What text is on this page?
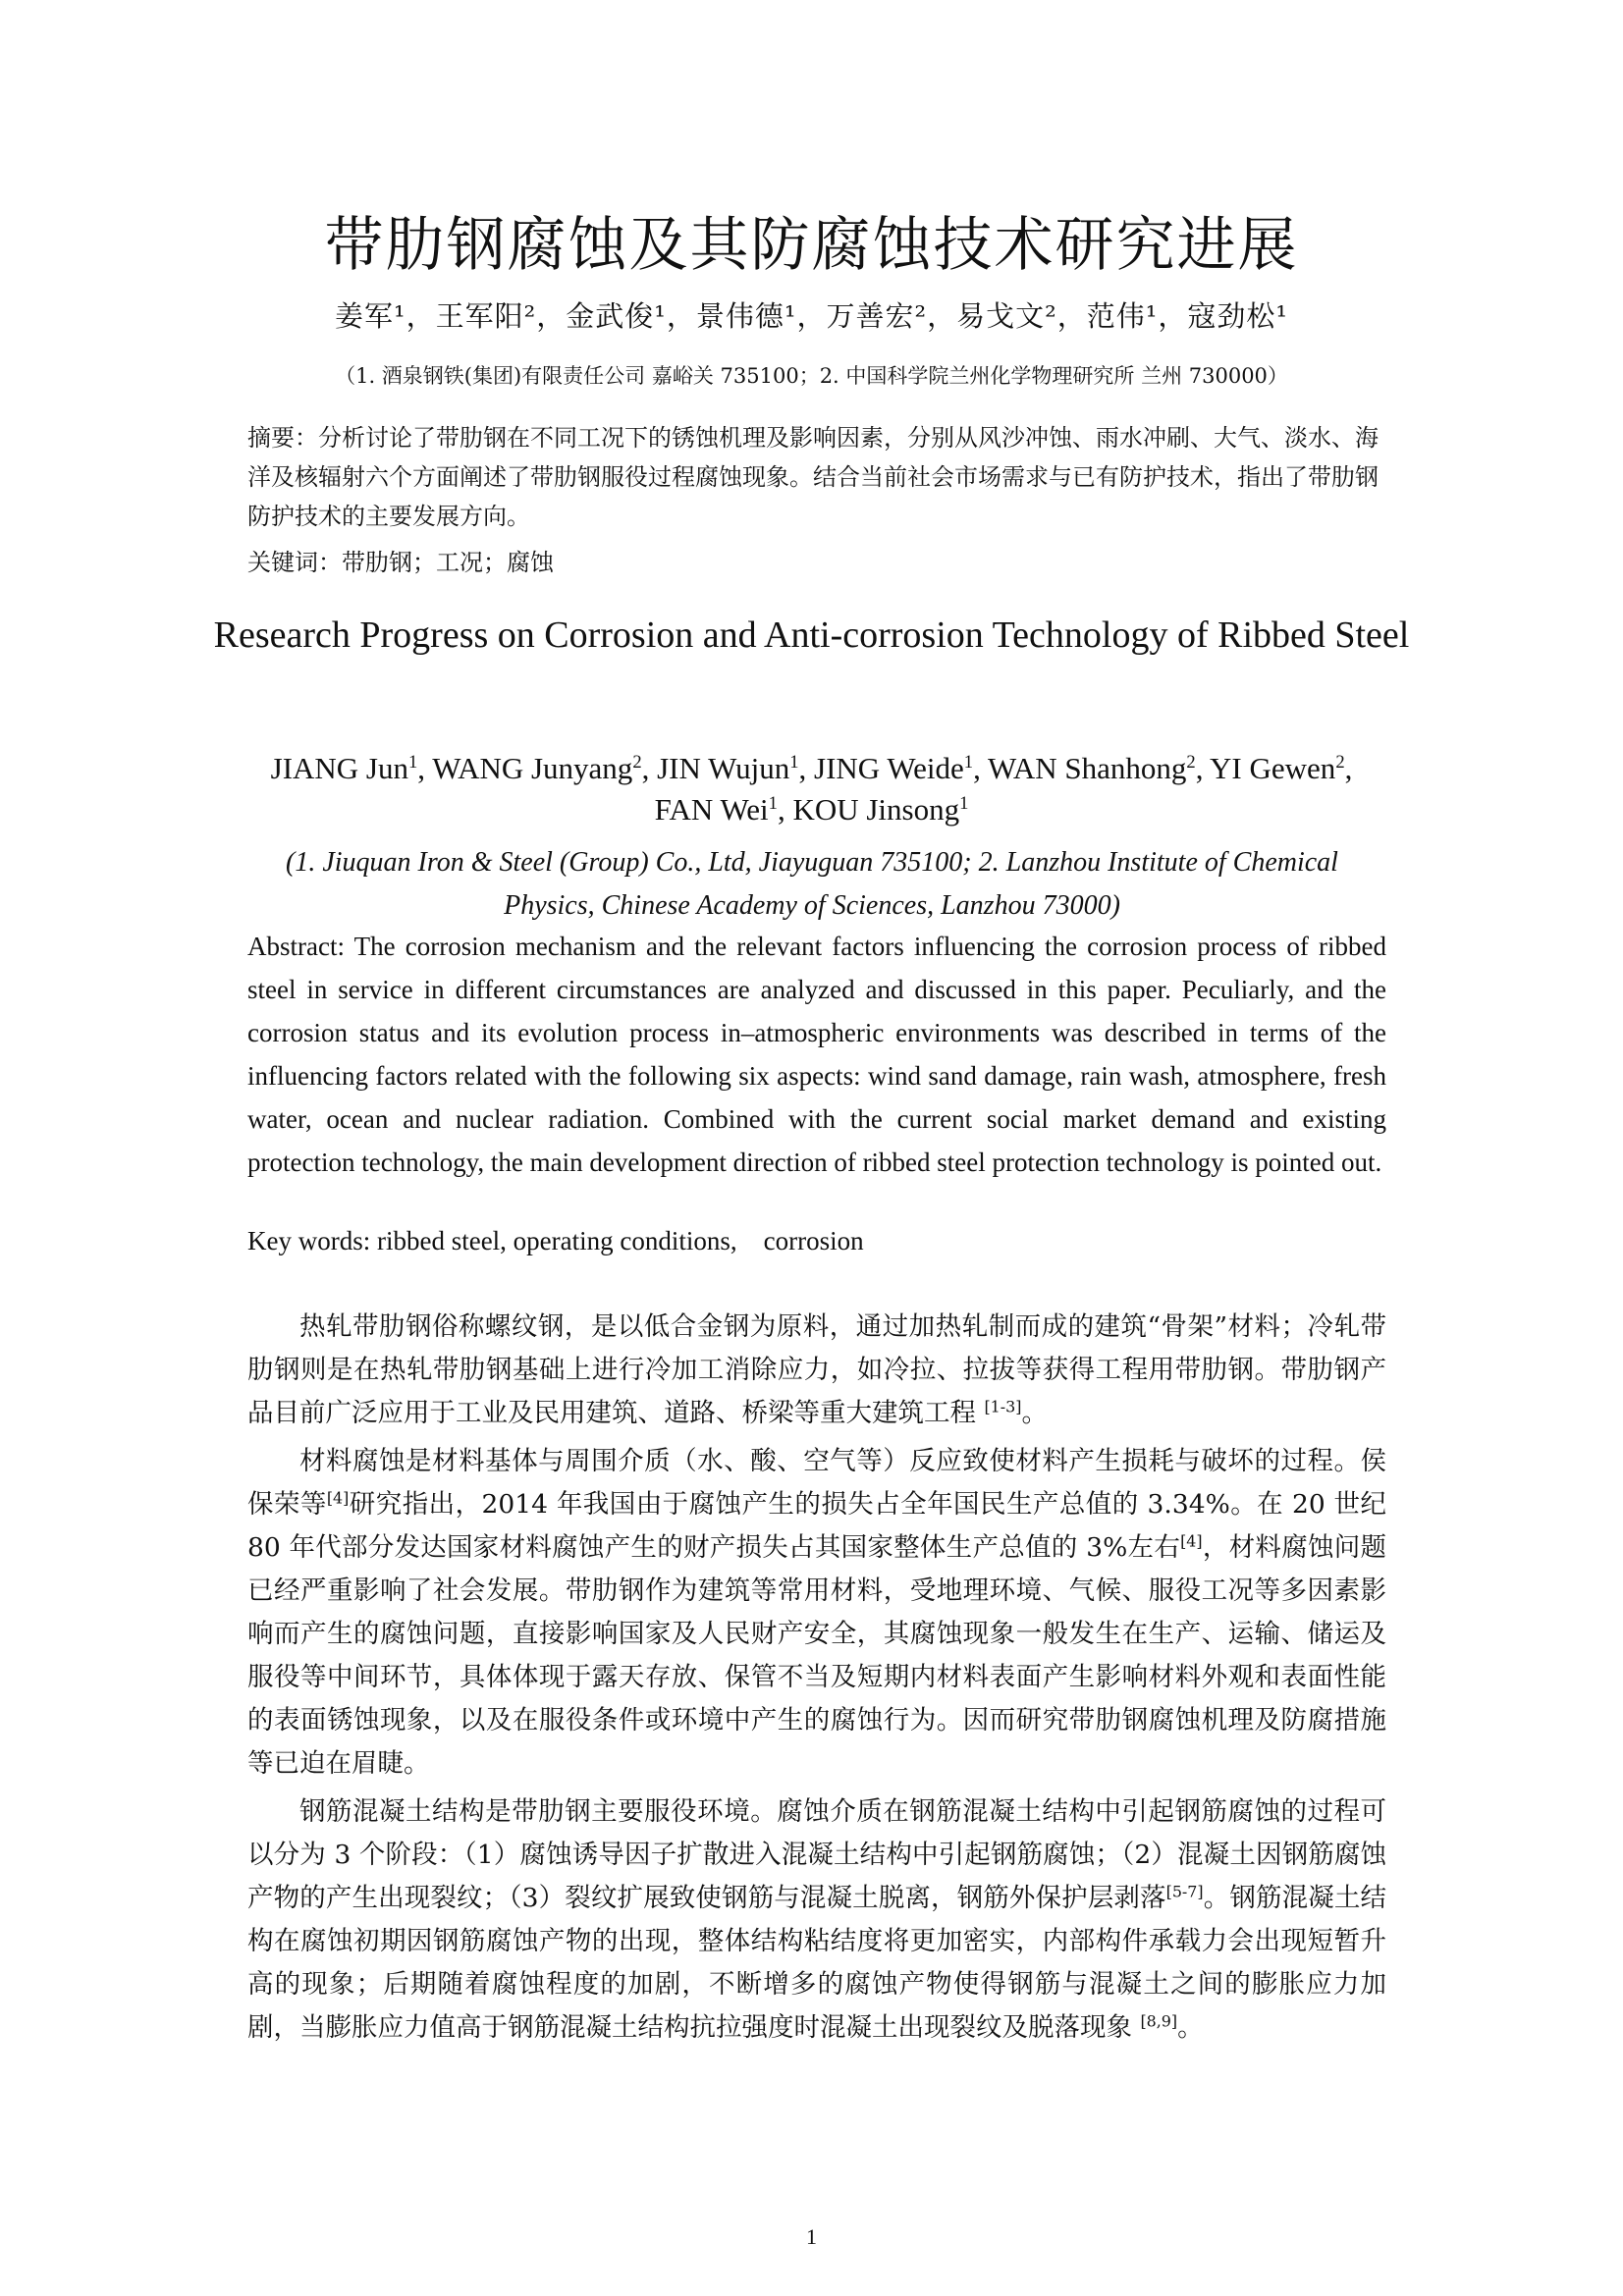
带肋钢腐蚀及其防腐蚀技术研究进展
姜军¹，王军阳²，金武俊¹，景伟德¹，万善宏²，易戈文²，范伟¹，寇劲松¹
（1. 酒泉钢铁(集团)有限责任公司 嘉峪关 735100；2. 中国科学院兰州化学物理研究所 兰州 730000）
摘要：分析讨论了带肋钢在不同工况下的锈蚀机理及影响因素，分别从风沙冲蚀、雨水冲刷、大气、淡水、海洋及核辐射六个方面阐述了带肋钢服役过程腐蚀现象。结合当前社会市场需求与已有防护技术，指出了带肋钢防护技术的主要发展方向。
关键词：带肋钢；工况；腐蚀
Research Progress on Corrosion and Anti-corrosion Technology of Ribbed Steel
JIANG Jun$^1$, WANG Junyang$^2$, JIN Wujun$^1$, JING Weide$^1$, WAN Shanhong$^2$, YI Gewen$^2$, FAN Wei$^1$, KOU Jinsong$^1$
(1. Jiuquan Iron & Steel (Group) Co., Ltd, Jiayuguan 735100; 2. Lanzhou Institute of Chemical Physics, Chinese Academy of Sciences, Lanzhou 73000)
Abstract: The corrosion mechanism and the relevant factors influencing the corrosion process of ribbed steel in service in different circumstances are analyzed and discussed in this paper. Peculiarly, and the corrosion status and its evolution process in–atmospheric environments was described in terms of the influencing factors related with the following six aspects: wind sand damage, rain wash, atmosphere, fresh water, ocean and nuclear radiation. Combined with the current social market demand and existing protection technology, the main development direction of ribbed steel protection technology is pointed out.
Key words: ribbed steel, operating conditions,    corrosion

热轧带肋钢俗称螺纹钢，是以低合金钢为原料，通过加热轧制而成的建筑“骨架”材料；冷轧带肋钢则是在热轧带肋钢基础上进行冷加工消除应力，如冷拉、拉拔等获得工程用带肋钢。带肋钢产品目前广泛应用于工业及民用建筑、道路、桥梁等重大建筑工程 [1-3]。

材料腐蚀是材料基体与周围介质（水、酸、空气等）反应致使材料产生损耗与破坏的过程。侯保荣等[4]研究指出，2014 年我国由于腐蚀产生的损失占全年国民生产总值的 3.34%。在 20 世纪 80 年代部分发达国家材料腐蚀产生的财产损失占其国家整体生产总值的 3%左右[4]，材料腐蚀问题已经严重影响了社会发展。带肋钢作为建筑等常用材料，受地理环境、气候、服役工况等多因素影响而产生的腐蚀问题，直接影响国家及人民财产安全，其腐蚀现象一般发生在生产、运输、储运及服役等中间环节，具体体现于露天存放、保管不当及短期内材料表面产生影响材料外观和表面性能的表面锈蚀现象，以及在服役条件或环境中产生的腐蚀行为。因而研究带肋钢腐蚀机理及防腐措施等已迫在眉睫。

钢筋混凝土结构是带肋钢主要服役环境。腐蚀介质在钢筋混凝土结构中引起钢筋腐蚀的过程可以分为 3 个阶段：（1）腐蚀诱导因子扩散进入混凝土结构中引起钢筋腐蚀；（2）混凝土因钢筋腐蚀产物的产生出现裂纹；（3）裂纹扩展致使钢筋与混凝土脱离，钢筋外保护层剥落[5-7]。钢筋混凝土结构在腐蚀初期因钢筋腐蚀产物的出现，整体结构粘结度将更加密实，内部构件承载力会出现短暂升高的现象；后期随着腐蚀程度的加剧，不断增多的腐蚀产物使得钢筋与混凝土之间的膨胀应力加剧，当膨胀应力值高于钢筋混凝土结构抗拉强度时混凝土出现裂纹及脱落现象 [8,9]。

1
